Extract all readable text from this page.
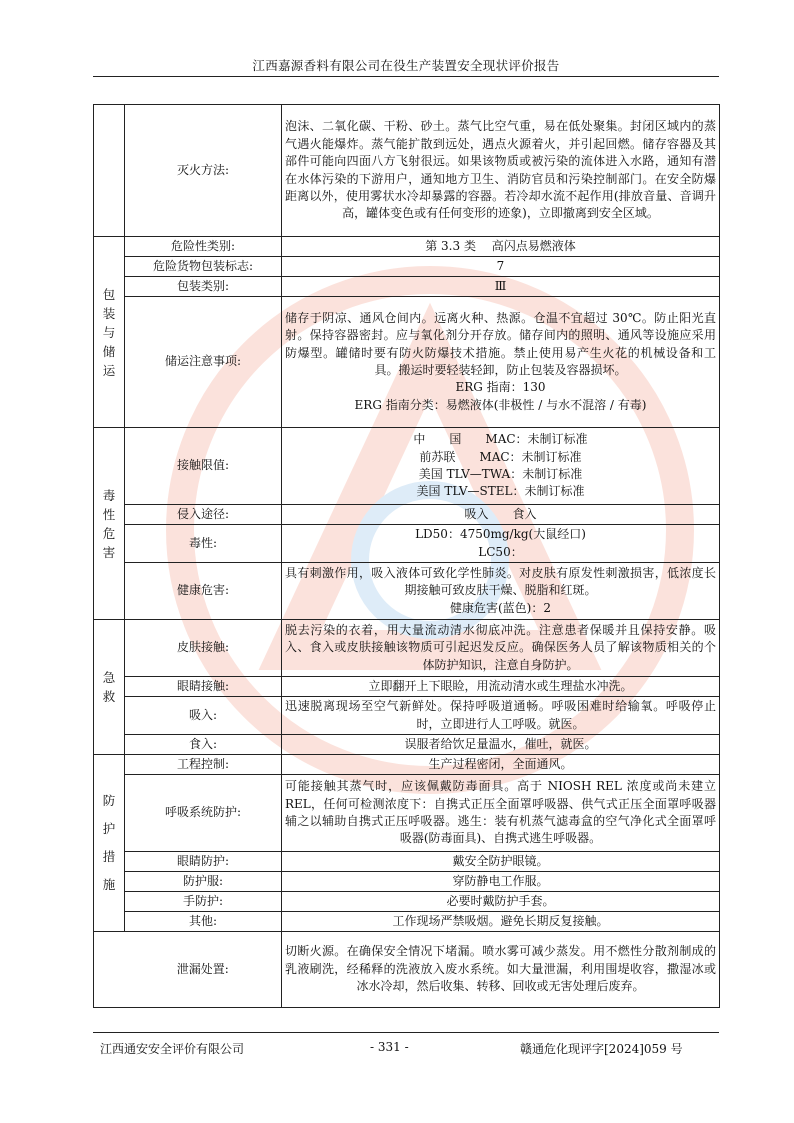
江西嘉源香料有限公司在役生产装置安全现状评价报告
	灭火方法:	泡沫、二氧化碳、干粉、砂土。蒸气比空气重，易在低处聚集。封闭区域内的蒸气遇火能爆炸。蒸气能扩散到远处，遇点火源着火，并引起回燃。储存容器及其部件可能向四面八方飞射很远。如果该物质或被污染的流体进入水路，通知有潜在水体污染的下游用户，通知地方卫生、消防官员和污染控制部门。在安全防爆距离以外，使用雾状水冷却暴露的容器。若冷却水流不起作用(排放音量、音调升高，罐体变色或有任何变形的迹象)，立即撤离到安全区域。
包装与储运	危险性类别:	第 3.3 类　 高闪点易燃液体
	危险货物包装标志:	7
	包装类别:	Ⅲ
	储运注意事项:	储存于阴凉、通风仓间内。远离火种、热源。仓温不宜超过 30℃。防止阳光直射。保持容器密封。应与氧化剂分开存放。储存间内的照明、通风等设施应采用防爆型。罐储时要有防火防爆技术措施。禁止使用易产生火花的机械设备和工具。搬运时要轻装轻卸，防止包装及容器损坏。
ERG 指南：130
ERG 指南分类：易燃液体(非极性 / 与水不混溶 / 有毒)

毒性危害	接触限值:	中　　国　　MAC：未制订标准
前苏联　　MAC：未制订标准
美国 TLV—TWA：未制订标准
美国 TLV—STEL：未制订标准

	侵入途径:	吸入　　食入
	毒性:	LD50：4750mg/kg(大鼠经口)
LC50：

	健康危害:	具有刺激作用，吸入液体可致化学性肺炎。对皮肤有原发性刺激损害，低浓度长期接触可致皮肤干燥、脱脂和红斑。
健康危害(蓝色)：2

急救	皮肤接触:	脱去污染的衣着，用大量流动清水彻底冲洗。注意患者保暖并且保持安静。吸入、食入或皮肤接触该物质可引起迟发反应。确保医务人员了解该物质相关的个体防护知识，注意自身防护。
	眼睛接触:	立即翻开上下眼睑，用流动清水或生理盐水冲洗。
	吸入:	迅速脱离现场至空气新鲜处。保持呼吸道通畅。呼吸困难时给输氧。呼吸停止时，立即进行人工呼吸。就医。
	食入:	误服者给饮足量温水，催吐，就医。

防护措施	工程控制:	生产过程密闭，全面通风。
	呼吸系统防护:	可能接触其蒸气时，应该佩戴防毒面具。高于 NIOSH REL 浓度或尚未建立 REL，任何可检测浓度下：自携式正压全面罩呼吸器、供气式正压全面罩呼吸器辅之以辅助自携式正压呼吸器。逃生：装有机蒸气滤毒盒的空气净化式全面罩呼吸器(防毒面具)、自携式逃生呼吸器。
	眼睛防护:	戴安全防护眼镜。
	防护服:	穿防静电工作服。
	手防护:	必要时戴防护手套。
	其他:	工作现场严禁吸烟。避免长期反复接触。
	泄漏处置:	切断火源。在确保安全情况下堵漏。喷水雾可减少蒸发。用不燃性分散剂制成的乳液刷洗，经稀释的洗液放入废水系统。如大量泄漏，利用围堤收容，撒湿冰或冰水冷却，然后收集、转移、回收或无害处理后废弃。
江西通安安全评价有限公司	- 331 -	赣通危化现评字[2024]059 号
